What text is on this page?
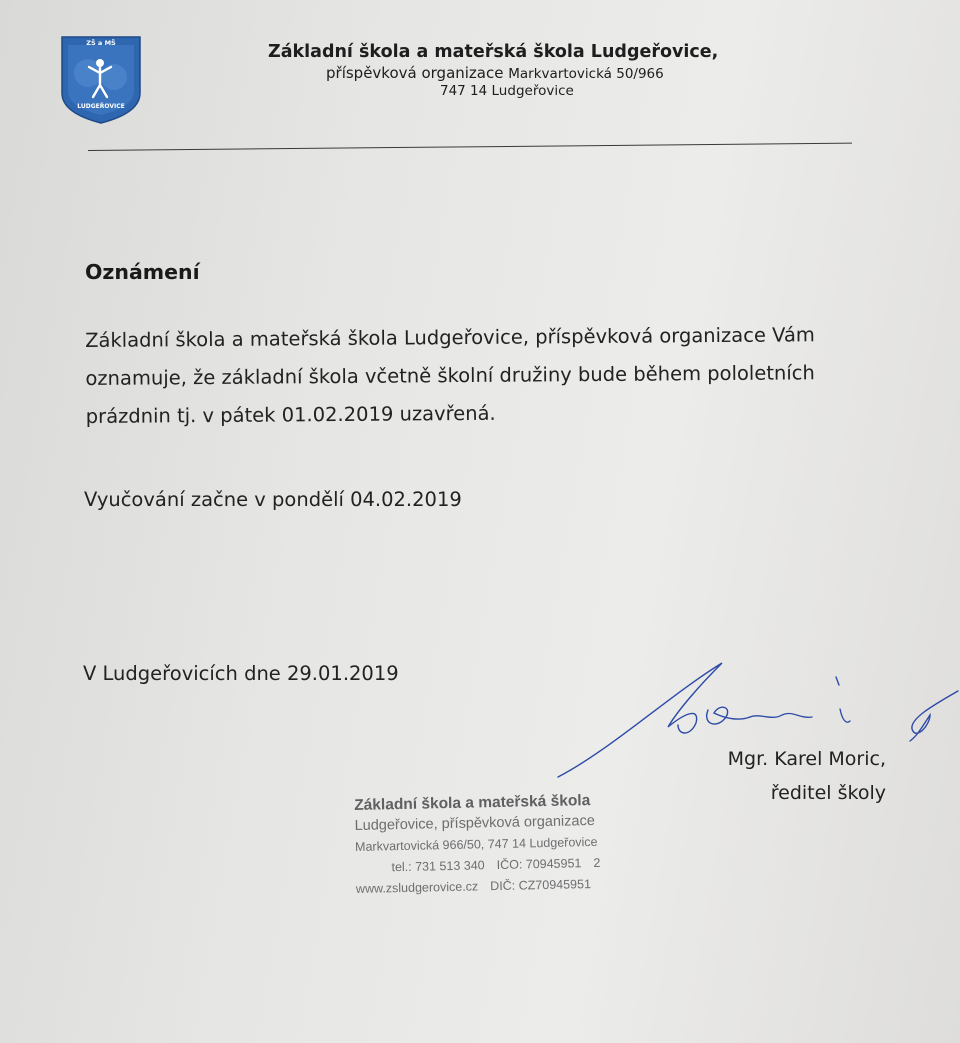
ZŠ a MŠ
LUDGEŘOVICE
Základní škola a mateřská škola Ludgeřovice,
příspěvková organizace Markvartovická 50/966
747 14 Ludgeřovice
Oznámení
Základní škola a mateřská škola Ludgeřovice, příspěvková organizace Vám
oznamuje, že základní škola včetně školní družiny bude během pololetních
prázdnin tj. v pátek 01.02.2019 uzavřená.
Vyučování začne v pondělí 04.02.2019
V Ludgeřovicích dne 29.01.2019
Mgr. Karel Moric,
ředitel školy
Základní škola a mateřská škola
Ludgeřovice, příspěvková organizace
Markvartovická 966/50, 747 14 Ludgeřovice
tel.: 731 513 340 IČO: 70945951 2
www.zsludgerovice.cz DIČ: CZ70945951
